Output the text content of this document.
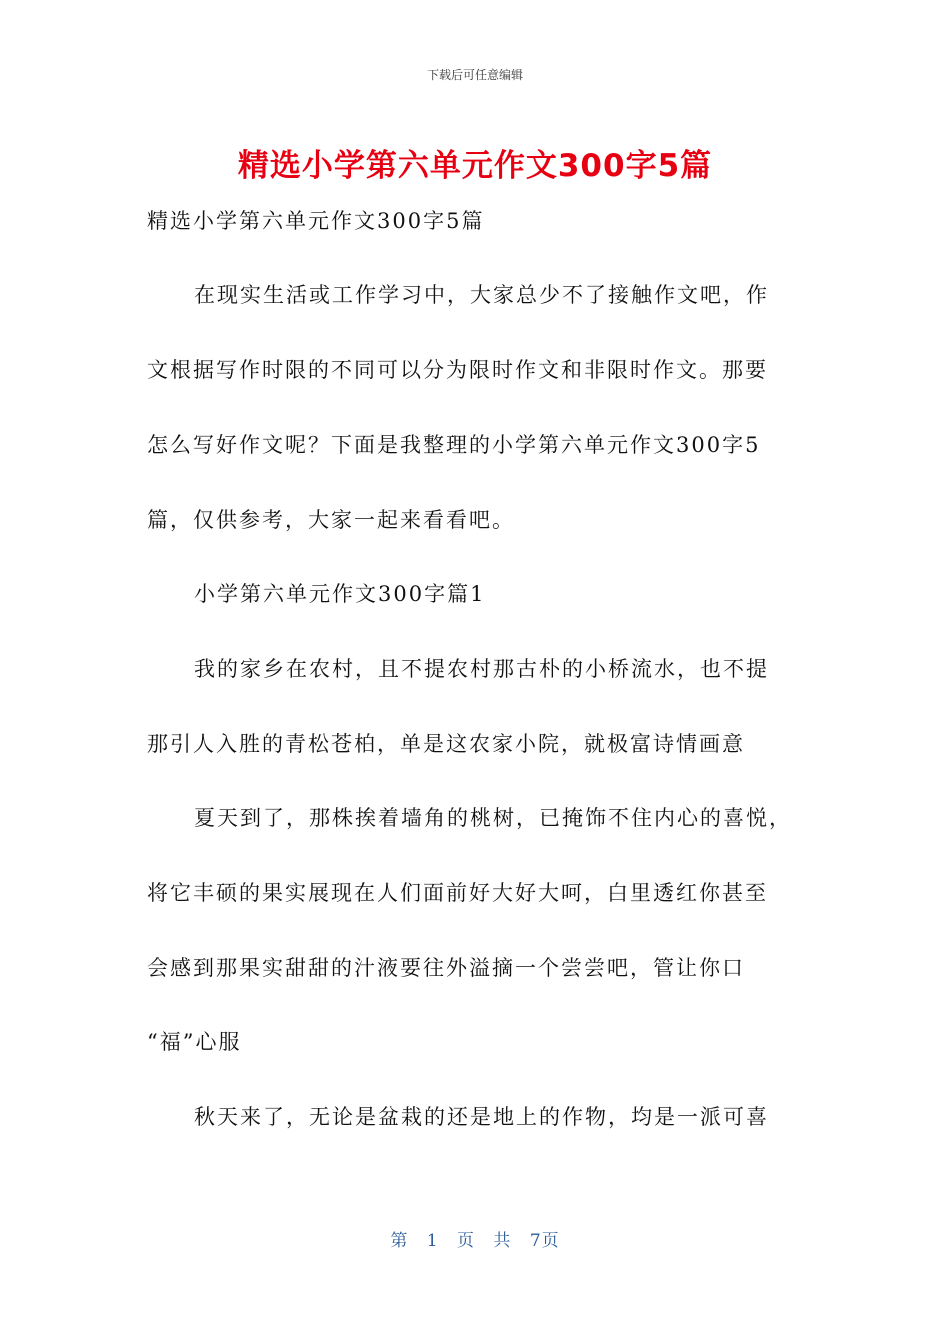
下载后可任意编辑
精选小学第六单元作文300字5篇
精选小学第六单元作文300字5篇
在现实生活或工作学习中，大家总少不了接触作文吧，作
文根据写作时限的不同可以分为限时作文和非限时作文。那要
怎么写好作文呢？下面是我整理的小学第六单元作文300字5
篇，仅供参考，大家一起来看看吧。
小学第六单元作文300字篇1
我的家乡在农村，且不提农村那古朴的小桥流水，也不提
那引人入胜的青松苍柏，单是这农家小院，就极富诗情画意
夏天到了，那株挨着墙角的桃树，已掩饰不住内心的喜悦，
将它丰硕的果实展现在人们面前好大好大呵，白里透红你甚至
会感到那果实甜甜的汁液要往外溢摘一个尝尝吧，管让你口
“福”心服
秋天来了，无论是盆栽的还是地上的作物，均是一派可喜
第 1 页 共 7页
